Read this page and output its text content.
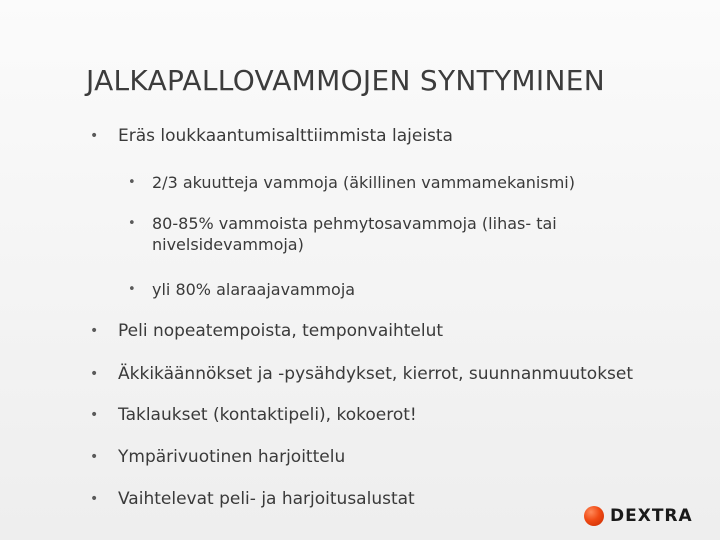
JALKAPALLOVAMMOJEN SYNTYMINEN
•	Eräs loukkaantumisalttiimmista lajeista
•	2/3 akuutteja vammoja (äkillinen vammamekanismi)
•	80-85% vammoista pehmytosavammoja (lihas- tai nivelsidevammoja)
•	yli 80% alaraajavammoja
•	Peli nopeatempoista, temponvaihtelut
•	Äkkikäännökset ja -pysähdykset, kierrot, suunnanmuutokset
•	Taklaukset (kontaktipeli), kokoerot!
•	Ympärivuotinen harjoittelu
•	Vaihtelevat peli- ja harjoitusalustat
DEXTRA
